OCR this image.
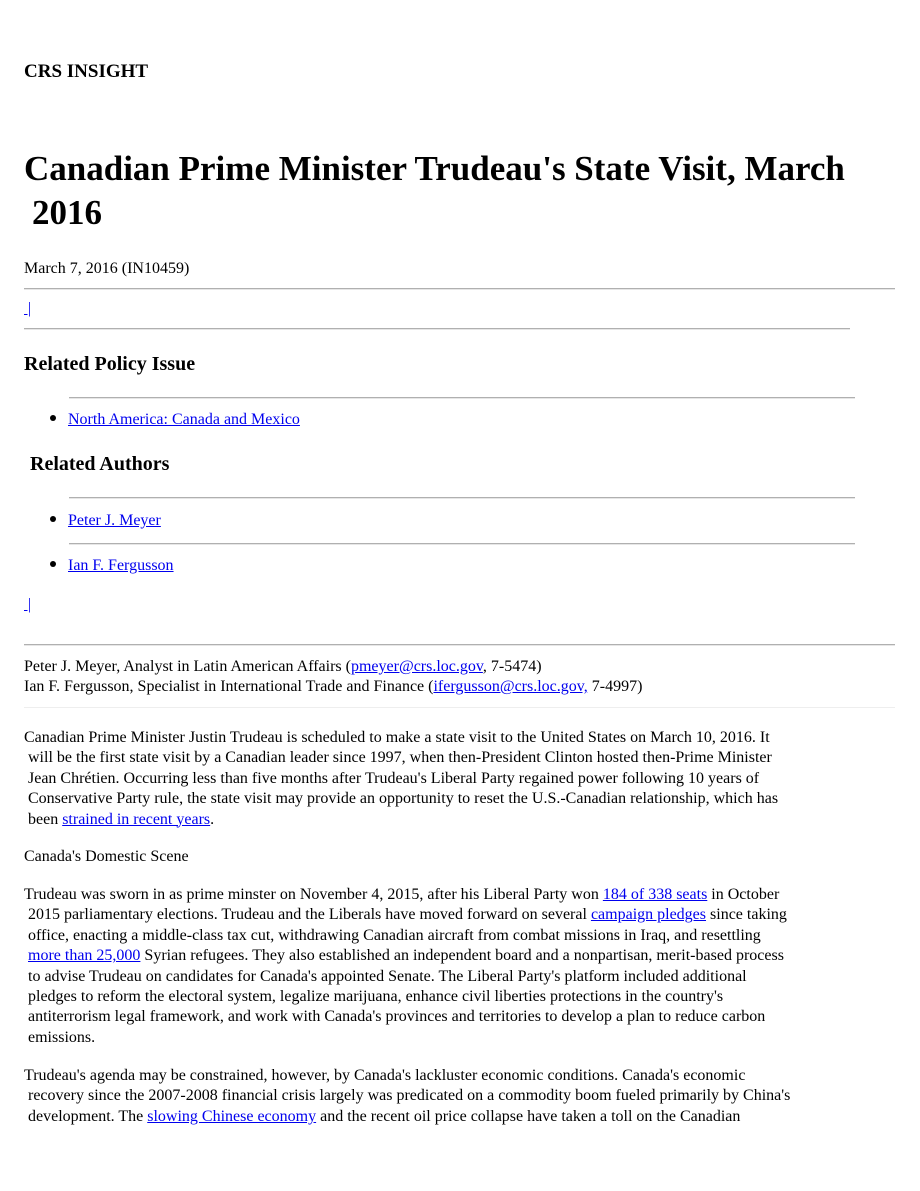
CRS INSIGHT
Canadian Prime Minister Trudeau's State Visit, March
2016
March 7, 2016 (IN10459)
|
Related Policy Issue
North America: Canada and Mexico
Related Authors
Peter J. Meyer
Ian F. Fergusson
|
Peter J. Meyer, Analyst in Latin American Affairs (pmeyer@crs.loc.gov, 7-5474)
Ian F. Fergusson, Specialist in International Trade and Finance (ifergusson@crs.loc.gov, 7-4997)
Canadian Prime Minister Justin Trudeau is scheduled to make a state visit to the United States on March 10, 2016. It
will be the first state visit by a Canadian leader since 1997, when then-President Clinton hosted then-Prime Minister
Jean Chrétien. Occurring less than five months after Trudeau's Liberal Party regained power following 10 years of
Conservative Party rule, the state visit may provide an opportunity to reset the U.S.-Canadian relationship, which has
been strained in recent years.
Canada's Domestic Scene
Trudeau was sworn in as prime minster on November 4, 2015, after his Liberal Party won 184 of 338 seats in October
2015 parliamentary elections. Trudeau and the Liberals have moved forward on several campaign pledges since taking
office, enacting a middle-class tax cut, withdrawing Canadian aircraft from combat missions in Iraq, and resettling
more than 25,000 Syrian refugees. They also established an independent board and a nonpartisan, merit-based process
to advise Trudeau on candidates for Canada's appointed Senate. The Liberal Party's platform included additional
pledges to reform the electoral system, legalize marijuana, enhance civil liberties protections in the country's
antiterrorism legal framework, and work with Canada's provinces and territories to develop a plan to reduce carbon
emissions.
Trudeau's agenda may be constrained, however, by Canada's lackluster economic conditions. Canada's economic
recovery since the 2007-2008 financial crisis largely was predicated on a commodity boom fueled primarily by China's
development. The slowing Chinese economy and the recent oil price collapse have taken a toll on the Canadian
